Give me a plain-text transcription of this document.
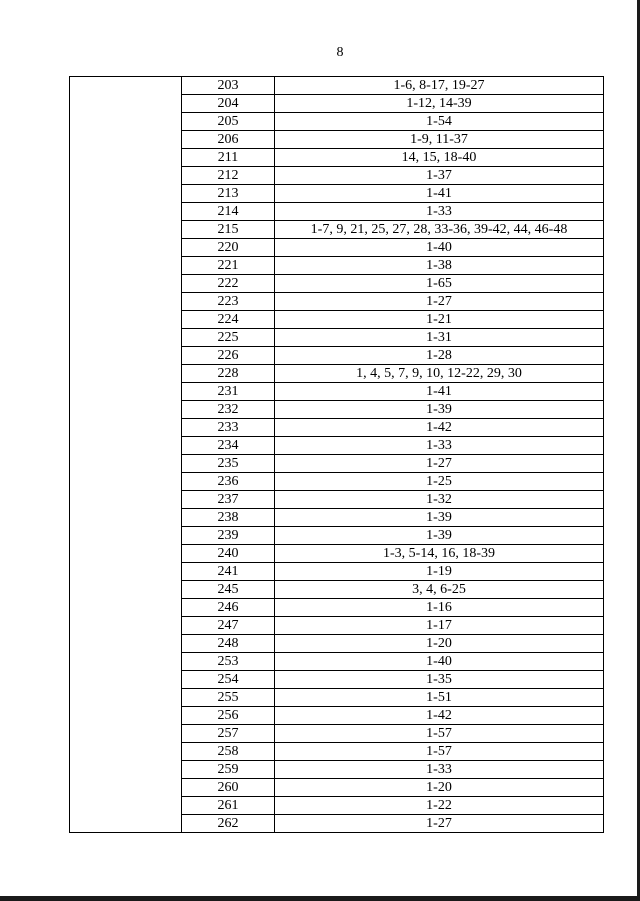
8
	203	1-6, 8-17, 19-27
	204	1-12, 14-39
	205	1-54
	206	1-9, 11-37
	211	14, 15, 18-40
	212	1-37
	213	1-41
	214	1-33
	215	1-7, 9, 21, 25, 27, 28, 33-36, 39-42, 44, 46-48
	220	1-40
	221	1-38
	222	1-65
	223	1-27
	224	1-21
	225	1-31
	226	1-28
	228	1, 4, 5, 7, 9, 10, 12-22, 29, 30
	231	1-41
	232	1-39
	233	1-42
	234	1-33
	235	1-27
	236	1-25
	237	1-32
	238	1-39
	239	1-39
	240	1-3, 5-14, 16, 18-39
	241	1-19
	245	3, 4, 6-25
	246	1-16
	247	1-17
	248	1-20
	253	1-40
	254	1-35
	255	1-51
	256	1-42
	257	1-57
	258	1-57
	259	1-33
	260	1-20
	261	1-22
	262	1-27
